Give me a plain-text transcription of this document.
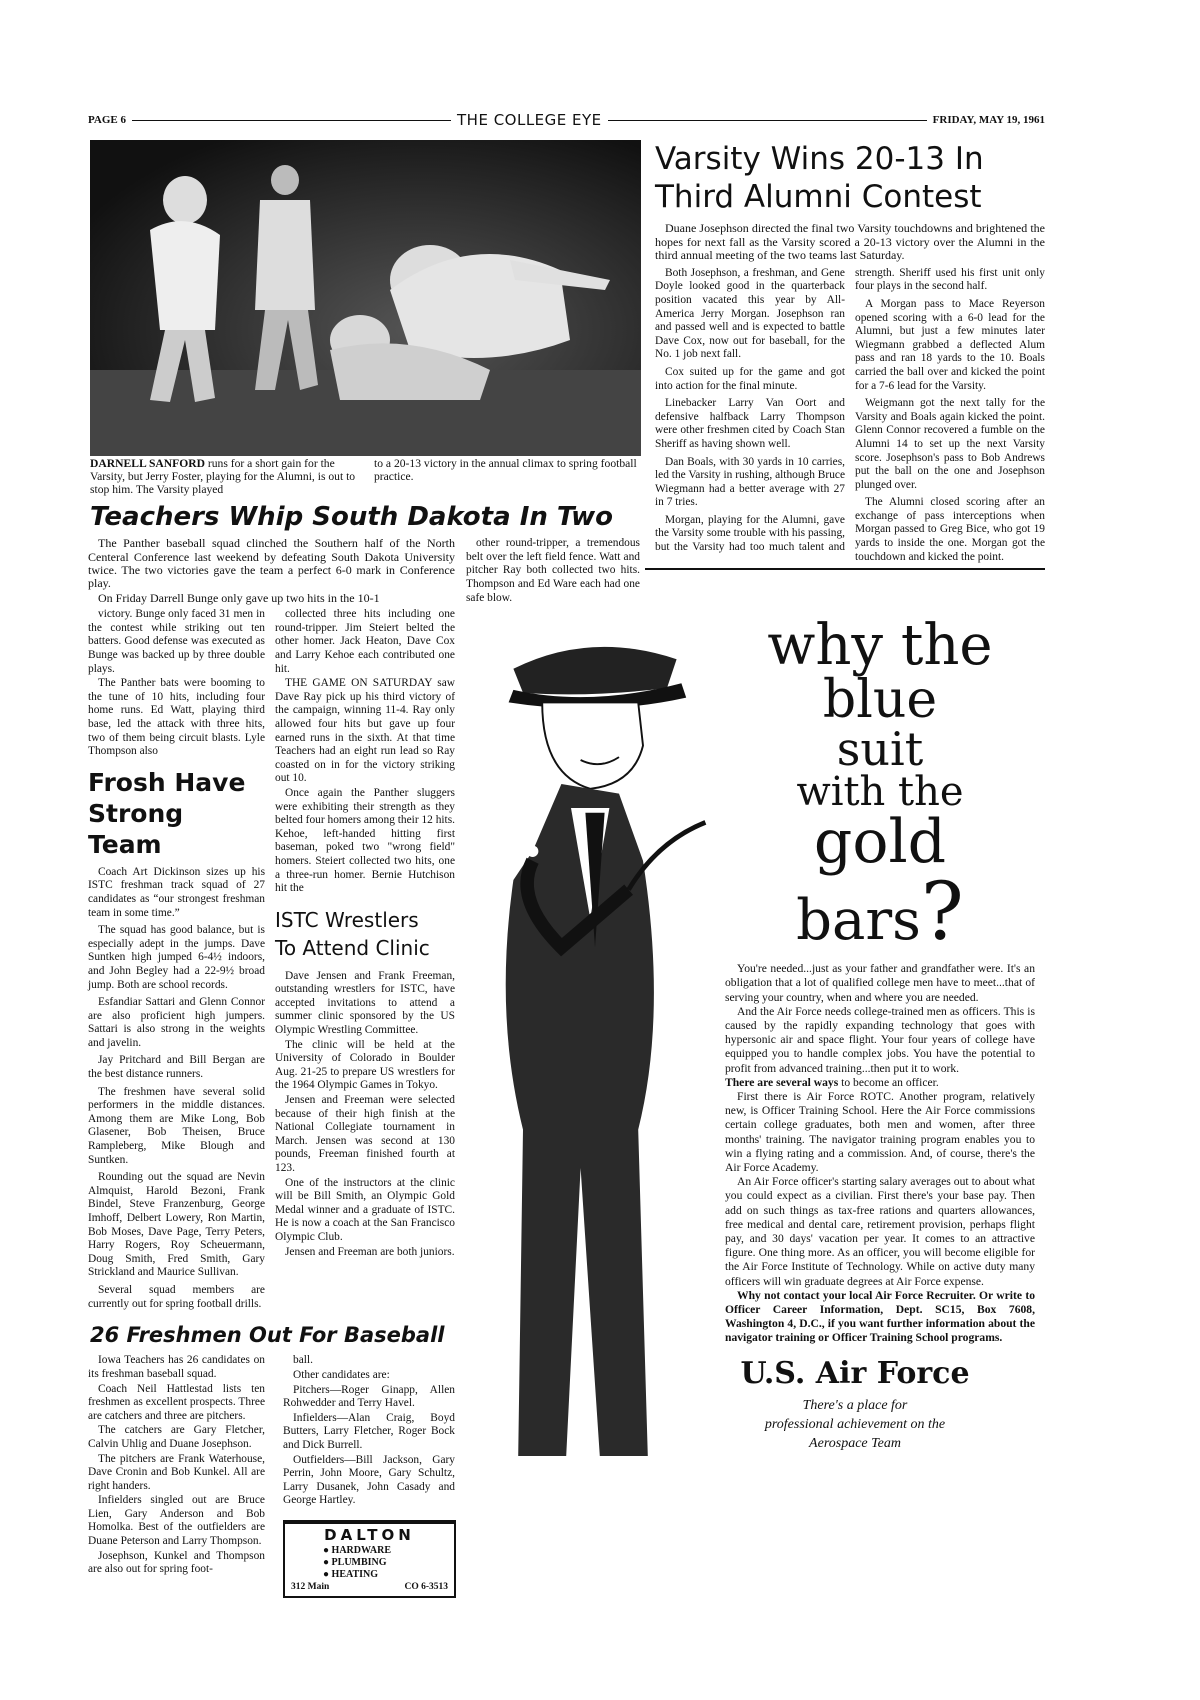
PAGE 6	THE COLLEGE EYE	FRIDAY, MAY 19, 1961
DARNELL SANFORD runs for a short gain for the Varsity, but Jerry Foster, playing for the Alumni, is out to stop him. The Varsity played
to a 20-13 victory in the annual climax to spring football practice.
Teachers Whip South Dakota In Two

The Panther baseball squad clinched the Southern half of the North Centeral Conference last weekend by defeating South Dakota University twice. The two victories gave the team a perfect 6-0 mark in Conference play.

On Friday Darrell Bunge only gave up two hits in the 10-1

other round-tripper, a tremendous belt over the left field fence. Watt and pitcher Ray both collected two hits. Thompson and Ed Ware each had one safe blow.

victory. Bunge only faced 31 men in the contest while striking out ten batters. Good defense was executed as Bunge was backed up by three double plays.

The Panther bats were booming to the tune of 10 hits, including four home runs. Ed Watt, playing third base, led the attack with three hits, two of them being circuit blasts. Lyle Thompson also

Frosh Have
Strong Team

Coach Art Dickinson sizes up his ISTC freshman track squad of 27 candidates as “our strongest freshman team in some time.”

The squad has good balance, but is especially adept in the jumps. Dave Suntken high jumped 6-4½ indoors, and John Begley had a 22-9½ broad jump. Both are school records.

Esfandiar Sattari and Glenn Connor are also proficient high jumpers. Sattari is also strong in the weights and javelin.

Jay Pritchard and Bill Bergan are the best distance runners.

The freshmen have several solid performers in the middle distances. Among them are Mike Long, Bob Glasener, Bob Theisen, Bruce Rampleberg, Mike Blough and Suntken.

Rounding out the squad are Nevin Almquist, Harold Bezoni, Frank Bindel, Steve Franzenburg, George Imhoff, Delbert Lowery, Ron Martin, Bob Moses, Dave Page, Terry Peters, Harry Rogers, Roy Scheuermann, Doug Smith, Fred Smith, Gary Strickland and Maurice Sullivan.

Several squad members are currently out for spring football drills.

collected three hits including one round-tripper. Jim Steiert belted the other homer. Jack Heaton, Dave Cox and Larry Kehoe each contributed one hit.

THE GAME ON SATURDAY saw Dave Ray pick up his third victory of the campaign, winning 11-4. Ray only allowed four hits but gave up four earned runs in the sixth. At that time Teachers had an eight run lead so Ray coasted on in for the victory striking out 10.

Once again the Panther sluggers were exhibiting their strength as they belted four homers among their 12 hits. Kehoe, left-handed hitting first baseman, poked two "wrong field" homers. Steiert collected two hits, one a three-run homer. Bernie Hutchison hit the

ISTC Wrestlers
To Attend Clinic

Dave Jensen and Frank Freeman, outstanding wrestlers for ISTC, have accepted invitations to attend a summer clinic sponsored by the US Olympic Wrestling Committee.

The clinic will be held at the University of Colorado in Boulder Aug. 21-25 to prepare US wrestlers for the 1964 Olympic Games in Tokyo.

Jensen and Freeman were selected because of their high finish at the National Collegiate tournament in March. Jensen was second at 130 pounds, Freeman finished fourth at 123.

One of the instructors at the clinic will be Bill Smith, an Olympic Gold Medal winner and a graduate of ISTC. He is now a coach at the San Francisco Olympic Club.

Jensen and Freeman are both juniors.

26 Freshmen Out For Baseball

Iowa Teachers has 26 candidates on its freshman baseball squad.

Coach Neil Hattlestad lists ten freshmen as excellent prospects. Three are catchers and three are pitchers.

The catchers are Gary Fletcher, Calvin Uhlig and Duane Josephson.

The pitchers are Frank Waterhouse, Dave Cronin and Bob Kunkel. All are right handers.

Infielders singled out are Bruce Lien, Gary Anderson and Bob Homolka. Best of the outfielders are Duane Peterson and Larry Thompson.

Josephson, Kunkel and Thompson are also out for spring foot-

ball.

Other candidates are:

Pitchers—Roger Ginapp, Allen Rohwedder and Terry Havel.

Infielders—Alan Craig, Boyd Butters, Larry Fletcher, Roger Bock and Dick Burrell.

Outfielders—Bill Jackson, Gary Perrin, John Moore, Gary Schultz, Larry Dusanek, John Casady and George Hartley.

DALTON
● HARDWARE
● PLUMBING
● HEATING
312 Main	CO 6-3513
Varsity Wins 20-13 In Third Alumni Contest

Duane Josephson directed the final two Varsity touchdowns and brightened the hopes for next fall as the Varsity scored a 20-13 victory over the Alumni in the third annual meeting of the two teams last Saturday.

Both Josephson, a freshman, and Gene Doyle looked good in the quarterback position vacated this year by All-America Jerry Morgan. Josephson ran and passed well and is expected to battle Dave Cox, now out for baseball, for the No. 1 job next fall.

Cox suited up for the game and got into action for the final minute.

Linebacker Larry Van Oort and defensive halfback Larry Thompson were other freshmen cited by Coach Stan Sheriff as having shown well.

Dan Boals, with 30 yards in 10 carries, led the Varsity in rushing, although Bruce Wiegmann had a better average with 27 in 7 tries.

Morgan, playing for the Alumni, gave the Varsity some trouble with his passing, but the Varsity had too much talent and strength. Sheriff used his first unit only four plays in the second half.

A Morgan pass to Mace Reyerson opened scoring with a 6-0 lead for the Alumni, but just a few minutes later Wiegmann grabbed a deflected Alum pass and ran 18 yards to the 10. Boals carried the ball over and kicked the point for a 7-6 lead for the Varsity.

Weigmann got the next tally for the Varsity and Boals again kicked the point. Glenn Connor recovered a fumble on the Alumni 14 to set up the next Varsity score. Josephson's pass to Bob Andrews put the ball on the one and Josephson plunged over.

The Alumni closed scoring after an exchange of pass interceptions when Morgan passed to Greg Bice, who got 19 yards to inside the one. Morgan got the touchdown and kicked the point.

why the
blue
suit
with the
gold
bars?

You're needed...just as your father and grandfather were. It's an obligation that a lot of qualified college men have to meet...that of serving your country, when and where you are needed.

And the Air Force needs college-trained men as officers. This is caused by the rapidly expanding technology that goes with hypersonic air and space flight. Your four years of college have equipped you to handle complex jobs. You have the potential to profit from advanced training...then put it to work.

There are several ways to become an officer.

First there is Air Force ROTC. Another program, relatively new, is Officer Training School. Here the Air Force commissions certain college graduates, both men and women, after three months' training. The navigator training program enables you to win a flying rating and a commission. And, of course, there's the Air Force Academy.

An Air Force officer's starting salary averages out to about what you could expect as a civilian. First there's your base pay. Then add on such things as tax-free rations and quarters allowances, free medical and dental care, retirement provision, perhaps flight pay, and 30 days' vacation per year. It comes to an attractive figure. One thing more. As an officer, you will become eligible for the Air Force Institute of Technology. While on active duty many officers will win graduate degrees at Air Force expense.

Why not contact your local Air Force Recruiter. Or write to Officer Career Information, Dept. SC15, Box 7608, Washington 4, D.C., if you want further information about the navigator training or Officer Training School programs.

U.S. Air Force
There's a place for
professional achievement on the
Aerospace Team
